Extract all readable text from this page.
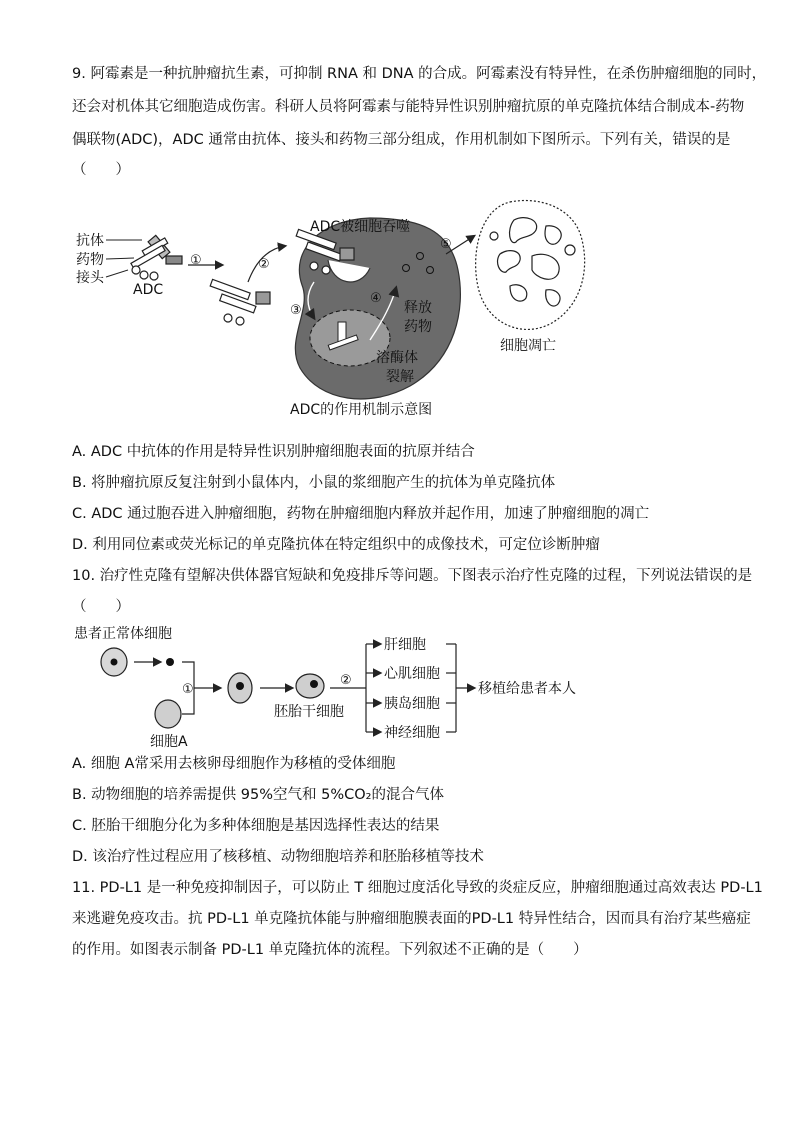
9. 阿霉素是一种抗肿瘤抗生素，可抑制 RNA 和 DNA 的合成。阿霉素没有特异性，在杀伤肿瘤细胞的同时，
还会对机体其它细胞造成伤害。科研人员将阿霉素与能特异性识别肿瘤抗原的单克隆抗体结合制成本-药物
偶联物(ADC)，ADC 通常由抗体、接头和药物三部分组成，作用机制如下图所示。下列有关，错误的是
（　　）
抗体
药物
接头
ADC
①	②
ADC被细胞吞噬
③
④
释放
药物
溶酶体
裂解
⑤
细胞凋亡
ADC的作用机制示意图
A. ADC 中抗体的作用是特异性识别肿瘤细胞表面的抗原并结合
B. 将肿瘤抗原反复注射到小鼠体内，小鼠的浆细胞产生的抗体为单克隆抗体
C. ADC 通过胞吞进入肿瘤细胞，药物在肿瘤细胞内释放并起作用，加速了肿瘤细胞的凋亡
D. 利用同位素或荧光标记的单克隆抗体在特定组织中的成像技术，可定位诊断肿瘤
10. 治疗性克隆有望解决供体器官短缺和免疫排斥等问题。下图表示治疗性克隆的过程，下列说法错误的是
（　　）
患者正常体细胞
细胞A
①
胚胎干细胞
②
肝细胞
心肌细胞
胰岛细胞
神经细胞
移植给患者本人
A. 细胞 A常采用去核卵母细胞作为移植的受体细胞
B. 动物细胞的培养需提供 95%空气和 5%CO₂的混合气体
C. 胚胎干细胞分化为多种体细胞是基因选择性表达的结果
D. 该治疗性过程应用了核移植、动物细胞培养和胚胎移植等技术
11. PD-L1 是一种免疫抑制因子，可以防止 T 细胞过度活化导致的炎症反应，肿瘤细胞通过高效表达 PD-L1
来逃避免疫攻击。抗 PD-L1 单克隆抗体能与肿瘤细胞膜表面的PD-L1 特异性结合，因而具有治疗某些癌症
的作用。如图表示制备 PD-L1 单克隆抗体的流程。下列叙述不正确的是（　　）
